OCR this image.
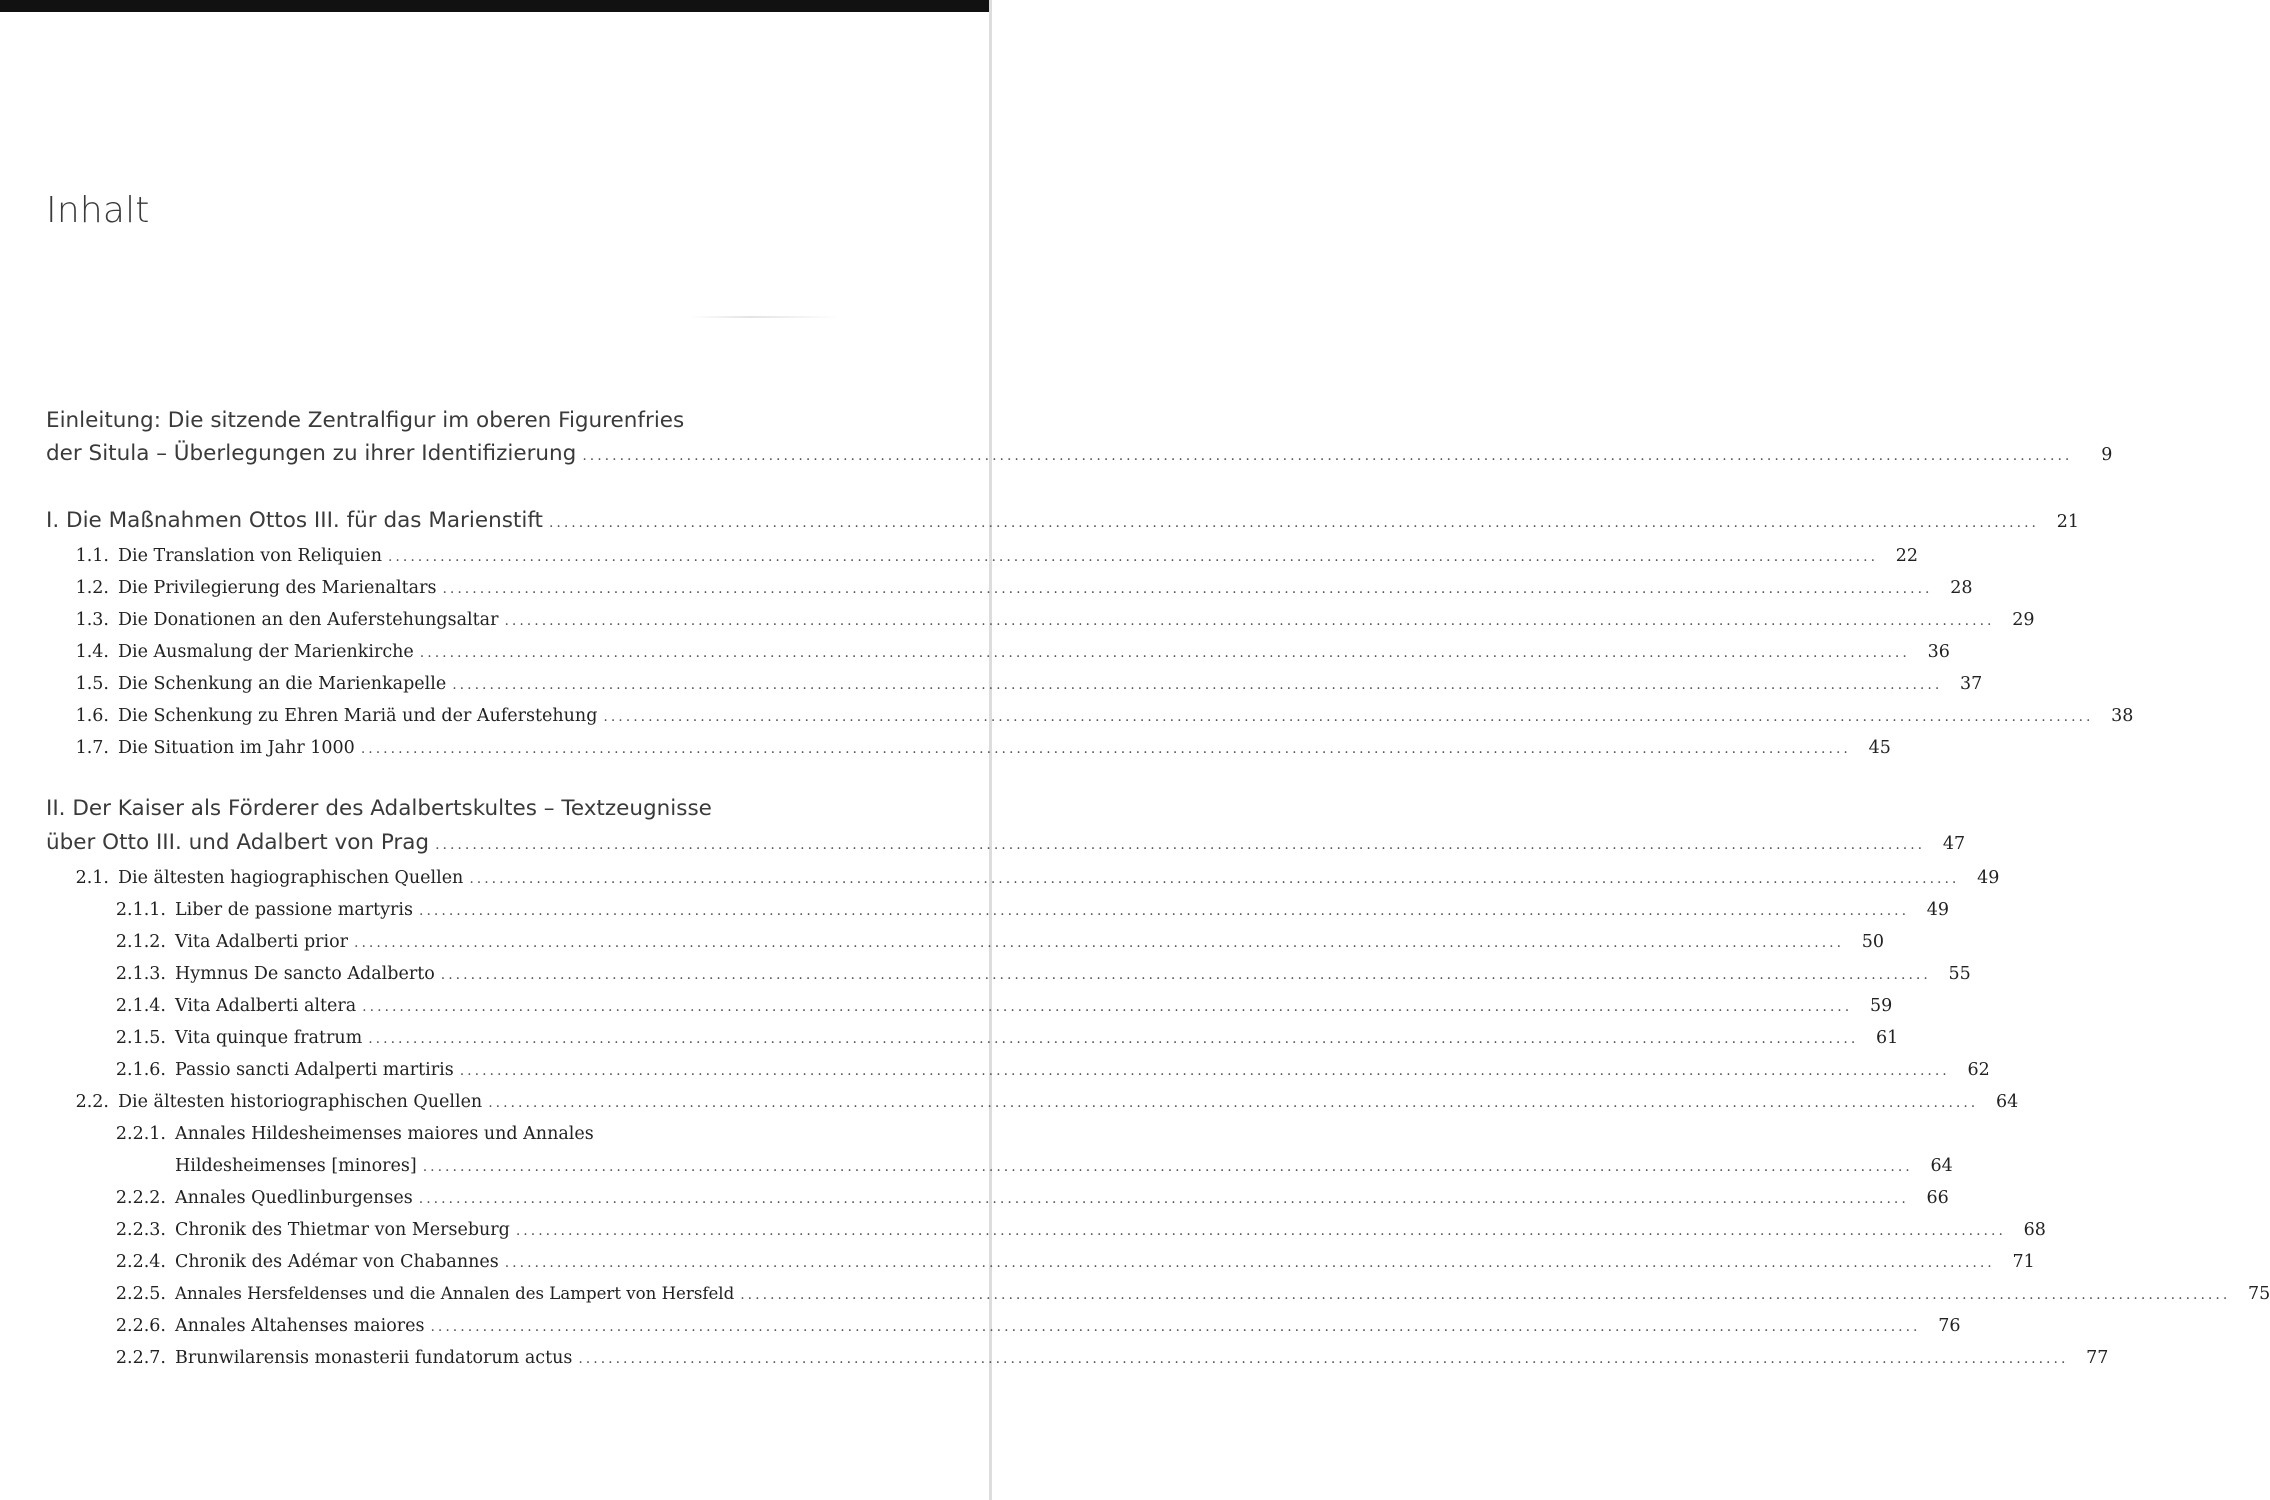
Inhalt
Einleitung: Die sitzende Zentralfigur im oberen Figurenfries
der Situla – Überlegungen zu ihrer Identifizierung ........................................................................................................................................................................................................	9
I. Die Maßnahmen Ottos III. für das Marienstift ........................................................................................................................................................................................................	21
1.1. Die Translation von Reliquien ........................................................................................................................................................................................................	22
1.2. Die Privilegierung des Marienaltars ........................................................................................................................................................................................................	28
1.3. Die Donationen an den Auferstehungsaltar ........................................................................................................................................................................................................	29
1.4. Die Ausmalung der Marienkirche ........................................................................................................................................................................................................	36
1.5. Die Schenkung an die Marienkapelle ........................................................................................................................................................................................................	37
1.6. Die Schenkung zu Ehren Mariä und der Auferstehung ........................................................................................................................................................................................................	38
1.7. Die Situation im Jahr 1000 ........................................................................................................................................................................................................	45
II. Der Kaiser als Förderer des Adalbertskultes – Textzeugnisse
über Otto III. und Adalbert von Prag ........................................................................................................................................................................................................	47
2.1. Die ältesten hagiographischen Quellen ........................................................................................................................................................................................................	49
2.1.1. Liber de passione martyris ........................................................................................................................................................................................................	49
2.1.2. Vita Adalberti prior ........................................................................................................................................................................................................	50
2.1.3. Hymnus De sancto Adalberto ........................................................................................................................................................................................................	55
2.1.4. Vita Adalberti altera ........................................................................................................................................................................................................	59
2.1.5. Vita quinque fratrum ........................................................................................................................................................................................................	61
2.1.6. Passio sancti Adalperti martiris ........................................................................................................................................................................................................	62
2.2. Die ältesten historiographischen Quellen ........................................................................................................................................................................................................	64
2.2.1. Annales Hildesheimenses maiores und Annales
Hildesheimenses [minores] ........................................................................................................................................................................................................	64
2.2.2. Annales Quedlinburgenses ........................................................................................................................................................................................................	66
2.2.3. Chronik des Thietmar von Merseburg ........................................................................................................................................................................................................	68
2.2.4. Chronik des Adémar von Chabannes ........................................................................................................................................................................................................	71
2.2.5. Annales Hersfeldenses und die Annalen des Lampert von Hersfeld ........................................................................................................................................................................................................	75
2.2.6. Annales Altahenses maiores ........................................................................................................................................................................................................	76
2.2.7. Brunwilarensis monasterii fundatorum actus ........................................................................................................................................................................................................	77
